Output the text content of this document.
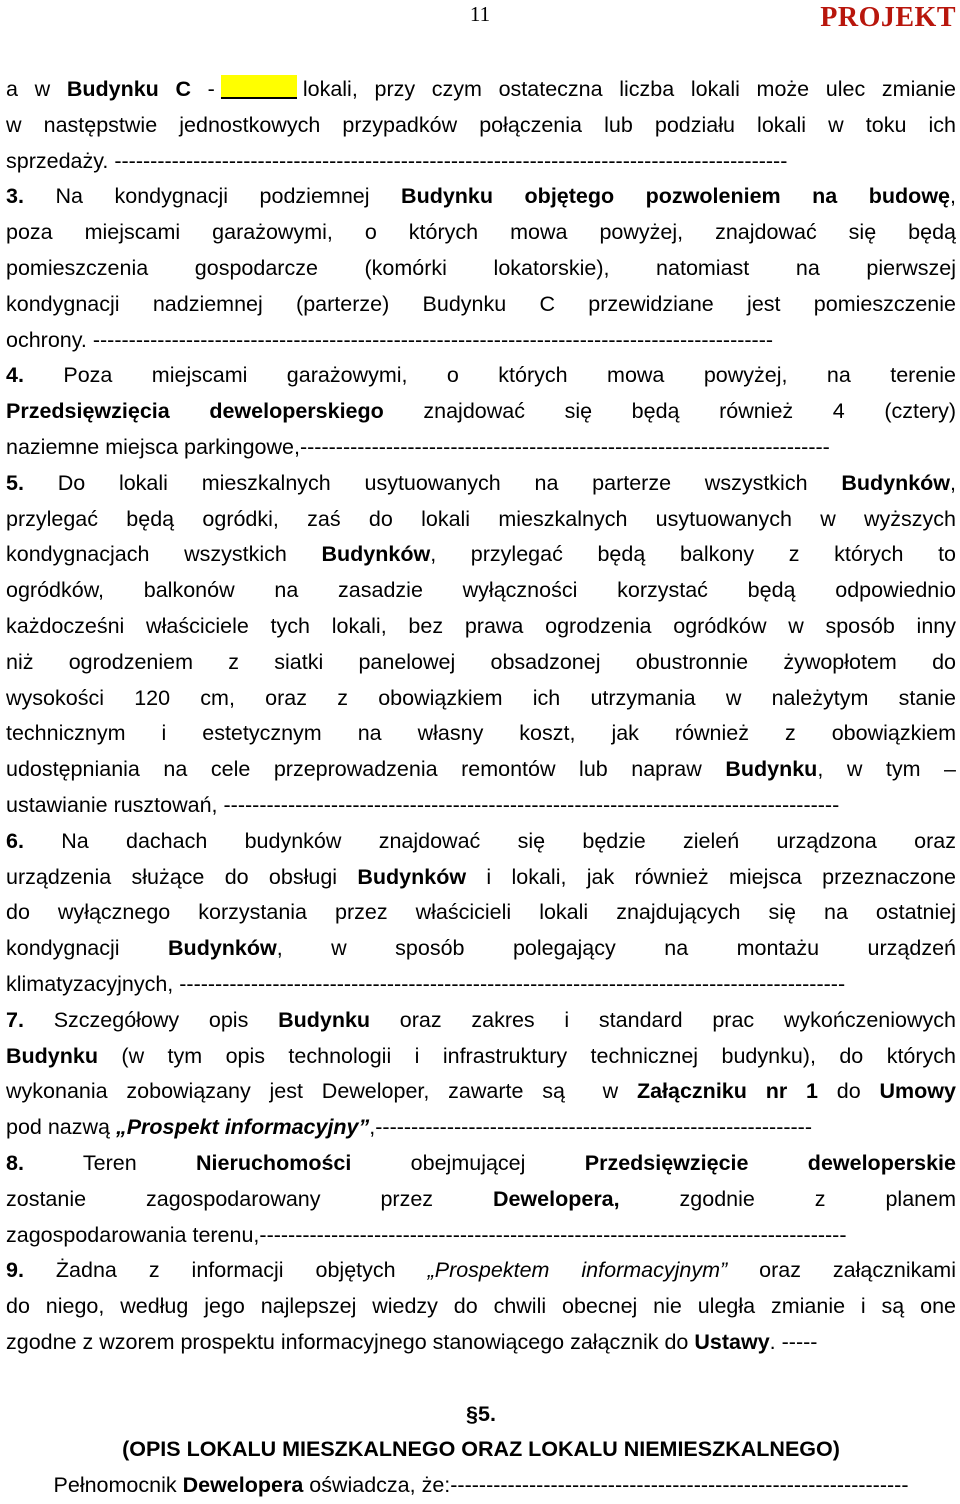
11	PROJEKT
a w Budynku C -	lokali, przy czym ostateczna liczba lokali może ulec zmianie
w następstwie jednostkowych przypadków połączenia lub podziału lokali w toku ich
sprzedaży. ----------------------------------------------------------------------------------------------
3. Na kondygnacji podziemnej Budynku objętego pozwoleniem na budowę,
poza miejscami garażowymi, o których mowa powyżej, znajdować się będą
pomieszczenia gospodarcze (komórki lokatorskie), natomiast na pierwszej
kondygnacji nadziemnej (parterze) Budynku C przewidziane jest pomieszczenie
ochrony. -----------------------------------------------------------------------------------------------
4. Poza miejscami garażowymi, o których mowa powyżej, na terenie
Przedsięwzięcia deweloperskiego znajdować się będą również 4 (cztery)
naziemne miejsca parkingowe,--------------------------------------------------------------------------
5. Do lokali mieszkalnych usytuowanych na parterze wszystkich Budynków,
przylegać będą ogródki, zaś do lokali mieszkalnych usytuowanych w wyższych
kondygnacjach wszystkich Budynków, przylegać będą balkony z których to
ogródków, balkonów na zasadzie wyłączności korzystać będą odpowiednio
każdocześni właściciele tych lokali, bez prawa ogrodzenia ogródków w sposób inny
niż ogrodzeniem z siatki panelowej obsadzonej obustronnie żywopłotem do
wysokości 120 cm, oraz z obowiązkiem ich utrzymania w należytym stanie
technicznym i estetycznym na własny koszt, jak również z obowiązkiem
udostępniania na cele przeprowadzenia remontów lub napraw Budynku, w tym –
ustawianie rusztowań, --------------------------------------------------------------------------------------
6. Na dachach budynków znajdować się będzie zieleń urządzona oraz
urządzenia służące do obsługi Budynków i lokali, jak również miejsca przeznaczone
do wyłącznego korzystania przez właścicieli lokali znajdujących się na ostatniej
kondygnacji Budynków, w sposób polegający na montażu urządzeń
klimatyzacyjnych, ---------------------------------------------------------------------------------------------
7. Szczegółowy opis Budynku oraz zakres i standard prac wykończeniowych
Budynku (w tym opis technologii i infrastruktury technicznej budynku), do których
wykonania zobowiązany jest Deweloper, zawarte są  w Załączniku nr 1 do Umowy
pod nazwą „Prospekt informacyjny”,-------------------------------------------------------------
8.	Teren Nieruchomości obejmującej Przedsięwzięcie deweloperskie
zostanie zagospodarowany przez Dewelopera, zgodnie z planem
zagospodarowania terenu,----------------------------------------------------------------------------------
9. Żadna z informacji objętych „Prospektem informacyjnym” oraz załącznikami
do niego, według jego najlepszej wiedzy do chwili obecnej nie uległa zmianie i są one
zgodne z wzorem prospektu informacyjnego stanowiącego załącznik do Ustawy. -----
§5.
(OPIS LOKALU MIESZKALNEGO ORAZ LOKALU NIEMIESZKALNEGO)
Pełnomocnik Dewelopera oświadcza, że:----------------------------------------------------------------
